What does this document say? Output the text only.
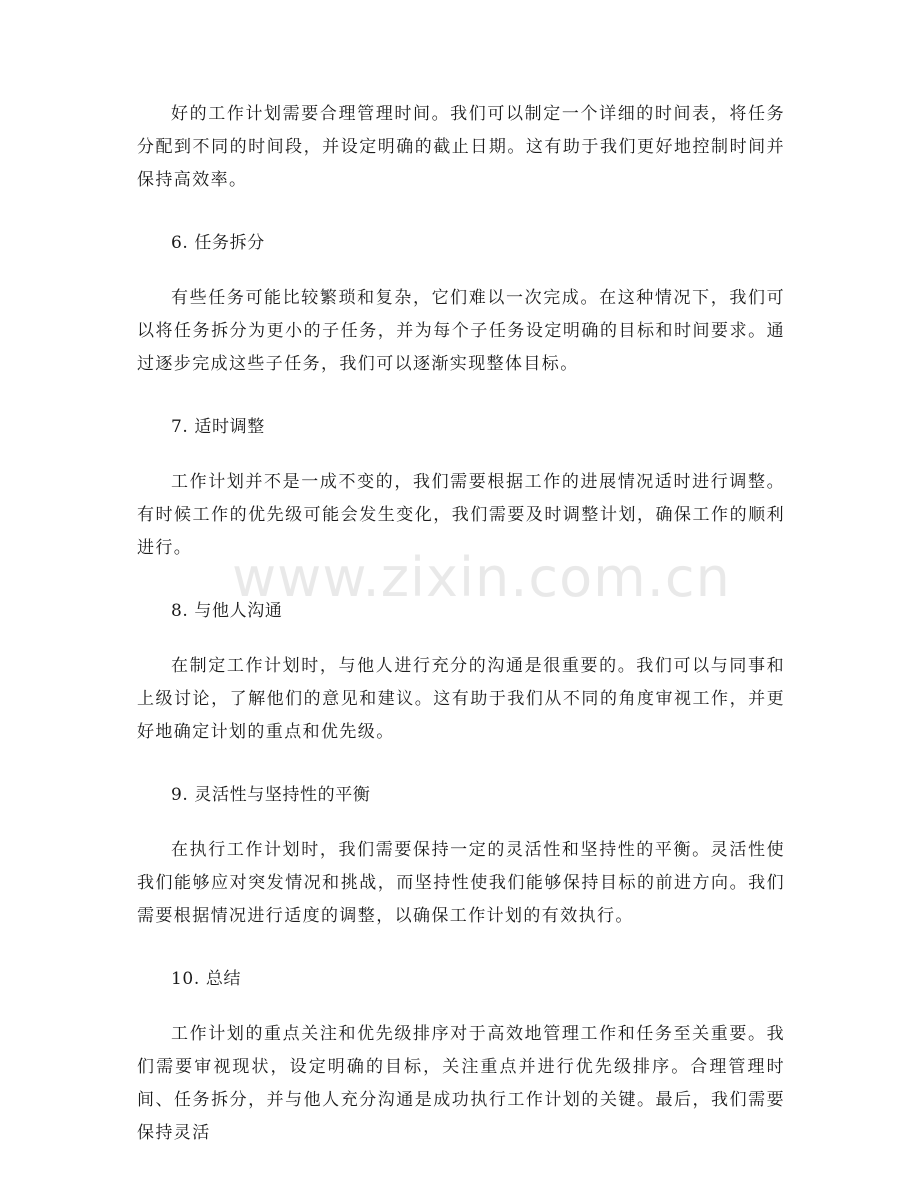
好的工作计划需要合理管理时间。我们可以制定一个详细的时间表，将任务分配到不同的时间段，并设定明确的截止日期。这有助于我们更好地控制时间并保持高效率。

6. 任务拆分

有些任务可能比较繁琐和复杂，它们难以一次完成。在这种情况下，我们可以将任务拆分为更小的子任务，并为每个子任务设定明确的目标和时间要求。通过逐步完成这些子任务，我们可以逐渐实现整体目标。

7. 适时调整

工作计划并不是一成不变的，我们需要根据工作的进展情况适时进行调整。有时候工作的优先级可能会发生变化，我们需要及时调整计划，确保工作的顺利进行。

8. 与他人沟通

在制定工作计划时，与他人进行充分的沟通是很重要的。我们可以与同事和上级讨论，了解他们的意见和建议。这有助于我们从不同的角度审视工作，并更好地确定计划的重点和优先级。

9. 灵活性与坚持性的平衡

在执行工作计划时，我们需要保持一定的灵活性和坚持性的平衡。灵活性使我们能够应对突发情况和挑战，而坚持性使我们能够保持目标的前进方向。我们需要根据情况进行适度的调整，以确保工作计划的有效执行。

10. 总结

工作计划的重点关注和优先级排序对于高效地管理工作和任务至关重要。我们需要审视现状，设定明确的目标，关注重点并进行优先级排序。合理管理时间、任务拆分，并与他人充分沟通是成功执行工作计划的关键。最后，我们需要保持灵活

www.zixin.com.cn
